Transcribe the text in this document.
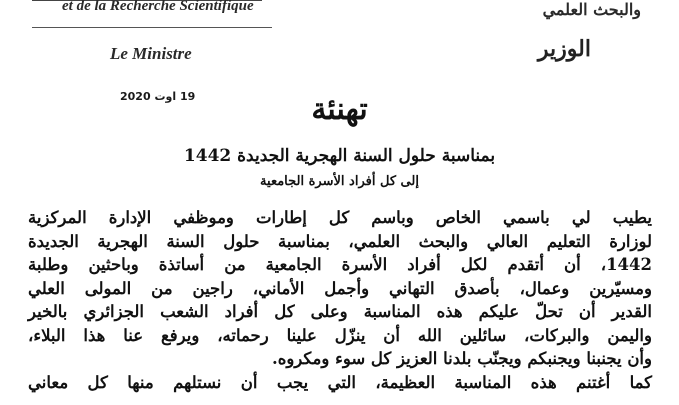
et de la Recherche Scientifique
Le Ministre
والبحث العلمي
الوزير
19 اوت 2020	تهنئة
بمناسبة حلول السنة الهجرية الجديدة 1442
إلى كل أفراد الأسرة الجامعية
يطيب لي باسمي الخاص وباسم كل إطارات وموظفي الإدارة المركزية
لوزارة التعليم العالي والبحث العلمي، بمناسبة حلول السنة الهجرية الجديدة
1442، أن أتقدم لكل أفراد الأسرة الجامعية من أساتذة وباحثين وطلبة
ومسيّرين وعمال، بأصدق التهاني وأجمل الأماني، راجين من المولى العلي
القدير أن تحلّ عليكم هذه المناسبة وعلى كل أفراد الشعب الجزائري بالخير
واليمن والبركات، سائلين الله أن ينزّل علينا رحماته، ويرفع عنا هذا البلاء،
وأن يجنبنا ويجنبكم ويجنّب بلدنا العزيز كل سوء ومكروه.
كما أغتنم هذه المناسبة العظيمة، التي يجب أن نستلهم منها كل معاني
